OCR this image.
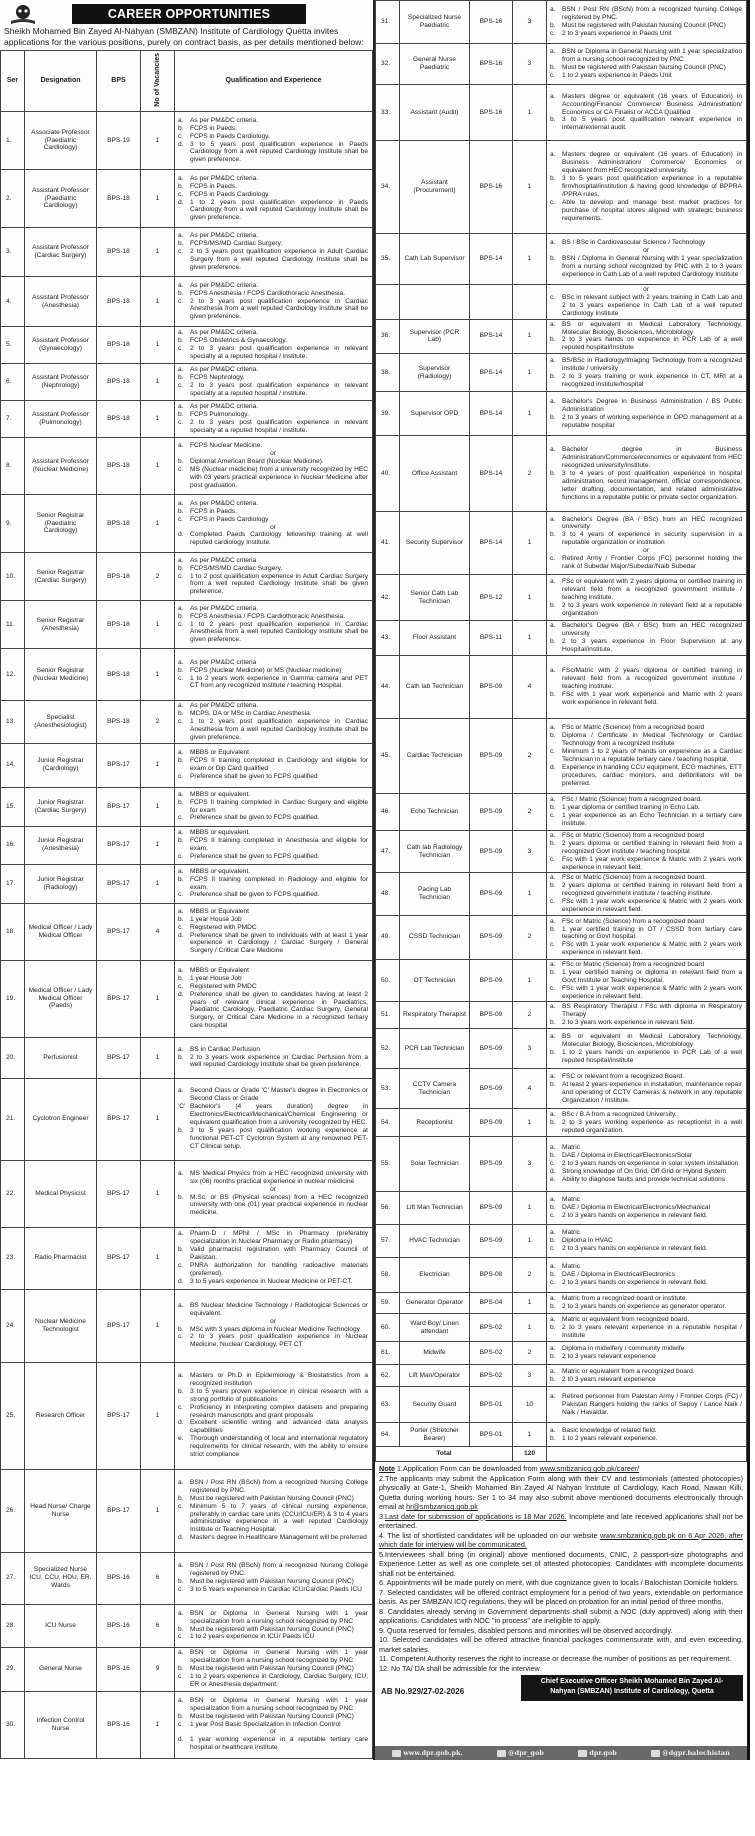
CAREER OPPORTUNITIES
Sheikh Mohamed Bin Zayed Al-Nahyan (SMBZAN) Institute of Cardiology Quetta invites applications for the various positions, purely on contract basis, as per details mentioned below:
Ser	Designation	BPS	No of Vacancies	Qualification and Experience
1.	Associate Professor (Paediatric Cardiology)	BPS-19	1	
a. As per PM&DC criteria.
b. FCPS in Paeds.
c.	FCPS in Paeds Cardiology.
d. 3 to 5 years post qualification experience in Paeds Cardiology from a well reputed Cardiology Institute shall be given preference.

2.	Assistant Professor (Paediatric Cardiology)	BPS-18	1	
a. As per PM&DC criteria.
b. FCPS in Paeds.
c.	FCPS in Paeds Cardiology.
d. 1 to 2 years post qualification experience in Paeds Cardiology from a well reputed Cardiology Institute shall be given preference.

3.	Assistant Professor (Cardiac Surgery)	BPS-18	1	
a. As per PM&DC criteria.
b. FCPS/MS/MD Cardiac Surgery.
c.	2 to 3 years post qualification experience in Adult Cardiac Surgery from a well reputed Cardiology Institute shall be given preference.

4.	Assistant Professor (Anesthesia)	BPS-18	1	
a. As per PM&DC criteria.
b. FCPS Anesthesia / FCPS Cardiothoracic Anesthesia.
c.	2 to 3 years post qualification experience in Cardiac Anesthesia from a well reputed Cardiology Institute shall be given preference.

5.	Assistant Professor (Gynaecology)	BPS-18	1	
a. As per PM&DC criteria.
b. FCPS Obstetrics & Gynaecology.
c.	2 to 3 years post qualification experience in relevant specialty at a reputed hospital / institute.

6.	Assistant Professor (Nephrology)	BPS-18	1	
a. As per PM&DC criteria.
b. FCPS Nephrology.
c.	2 to 3 years post qualification experience in relevant specialty at a reputed hospital / institute.

7.	Assistant Professor (Pulmonology)	BPS-18	1	
a. As per PM&DC criteria.
b. FCPS Pulmonology.
c.	2 to 3 years post qualification experience in relevant specialty at a reputed hospital / institute.

8.	Assistant Professor (Nuclear Medicine)	BPS-18	1	
a. FCPS Nuclear Medicine.
or
b. Diplomat American Board (Nuclear Medicine).
c.	MS (Nuclear medicine) from a university recognized by HEC with 03 years practical experience in Nuclear Medicine after post graduation.

9.	Senior Registrar (Paediatric Cardiology)	BPS-18	1	
a. As per PM&DC criteria.
b. FCPS in Paeds.
c.	FCPS in Paeds Cardiology
or
d. Completed Paeds Cardiology fellowship training at well reputed cardiology Institute.

10.	Senior Registrar (Cardiac Surgery)	BPS-18	2	
a. As per PM&DC criteria
b. FCPS/MS/MD Cardiac Surgery.
c.	1 to 2 post qualification experience in Adult Cardiac Surgery from a well reputed Cardiology Institute shall be given preference.

11.	Senior Registrar (Anesthesia)	BPS-18	1	
a. As per PM&DC criteria.
b. FCPS Anesthesia / FCPS Cardiothoracic Anesthesia.
c.	1 to 2 years post qualification experience in Cardiac Anesthesia from a well reputed Cardiology Institute shall be given preference.

12.	Senior Registrar (Nuclear Medicine)	BPS-18	1	
a. As per PM&DC criteria
b. FCPS (Nuclear Medicine) or MS (Nuclear medicine)
c.	1 to 2 years work experience in Gamma camera and PET CT from any recognized Institute / teaching Hospital.

13.	Specialist (Anesthesiologist)	BPS-18	2	
a. As per PM&DC criteria.
b. MCPS, DA or MSc in Cardiac Anesthesia.
c.	1 to 2 years post qualification experience in Cardiac Anesthesia from a well reputed Cardiology Institute shall be given preference.

14.	Junior Registrar (Cardiology)	BPS-17	1	
a. MBBS or Equivalent
b. FCPS II training completed in Cardiology and eligible for exam or Dip Card qualified
c.	Preference shall be given to FCPS qualified

15.	Junior Registrar (Cardiac Surgery)	BPS-17	1	
a. MBBS or equivalent.
b. FCPS II training completed in Cardiac Surgery and eligible for exam
c.	Preference shall be given to FCPS qualified.

16.	Junior Registrar (Anesthesia)	BPS-17	1	
a. MBBS or equivalent.
b. FCPS II training completed in Anesthesia and eligible for exam.
c.	Preference shall be given to FCPS qualified.

17.	Junior Registrar (Radiology)	BPS-17	1	
a. MBBS or equivalent.
b. FCPS II training completed in Radiology and eligible for exam.
c.	Preference shall be given to FCPS qualified.

18.	Medical Officer / Lady Medical Officer	BPS-17	4	
a. MBBS or Equivalent
b. 1 year House Job
c.	Registered with PMDC
d. Preference shall be given to individuals with at least 1 year experience in Cardiology / Cardiac Surgery / General Surgery / Critical Care Medicine

19.	Medical Officer / Lady Medical Officer (Paeds)	BPS-17	1	
a. MBBS or Equivalent
b. 1 year House Job
c.	Registered with PMDC
d. Preference shall be given to candidates having at least 2 years of relevant clinical experience in Paediatrics, Paediatric Cardiology, Paediatric Cardiac Surgery, General Surgery, or Critical Care Medicine in a recognized tertiary care hospital

20.	Perfusionist	BPS-17	1	a. BS in Cardiac Perfusion
b. 2 to 3 years work experience in Cardiac Perfusion from a well reputed Cardiology Institute shall be given preference.

21.	Cyclotron Engineer	BPS-17	1	
a. Second Class or Grade 'C' Master's degree in Electronics or Second Class or Grade
'C' Bachelor's (4 years duration) degree in Electronics/Electrical/Mechanical/Chemical Engineering or equivalent qualification from a university recognized by HEC.
b. 3 to 5 years post qualification working experience at functional PET-CT Cyclotron System at any renowned PET-CT Clinical setup.

22.	Medical Physicist	BPS-17	1	a. MS Medical Physics from a HEC recognized university with six (06) months practical experience in nuclear medicine
or
b. M.Sc. or BS (Physical sciences) from a HEC recognized university with one (01) year practical experience in nuclear medicine.

23.	Radio Pharmacist	BPS-17	1	
a. Pharm-D / MPhil / MSc in Pharmacy (preferably specialization in Nuclear Pharmacy or Radio pharmacy)
b. Valid pharmacist registration with Pharmacy Council of Pakistan.
c.	PNRA authorization for handling radioactive materials (preferred).
d. 3 to 5 years experience in Nuclear Medicine or PET-CT.

24.	Nuclear Medicine Technologist	BPS-17	1	
a. BS Nuclear Medicine Technology / Radiological Sciences or equivalent.
or
b. MSc with 3 years diploma in Nuclear Medicine Technology
c.	2 to 3 years post qualification experience in Nuclear Medicine, Nuclear Cardiology, PET CT

25.	Research Officer	BPS-17	1	
a. Masters or Ph.D in Epidemiology & Biostatistics from a recognized institution
b. 3 to 5 years proven experience in clinical research with a strong portfolio of publications
c.	Proficiency in interpreting complex datasets and preparing research manuscripts and grant proposals
d. Excellent scientific writing and advanced data analysis capabilities
e. Thorough understanding of local and international regulatory requirements for clinical research, with the ability to ensure strict compliance

26.	Head Nurse/ Charge Nurse	BPS-17	1	
a. BSN / Post RN (BScN) from a recognized Nursing College registered by PNC.
b. Must be registered with Pakistan Nursing Council (PNC)
c.	Minimum 5 to 7 years of clinical nursing experience, preferably in cardiac care units (CCU/ICU/ER) & 3 to 4 years administrative experience in a well reputed Cardiology Institute or Teaching Hospital.
d. Master's degree in Healthcare Management will be preferred

27.	Specialized Nurse ICU, CCU, HDU, ER, Wards	BPS-16	6	
a. BSN / Post RN (BScN) from a recognized Nursing College registered by PNC.
b. Must be registered with Pakistan Nursing Council (PNC)
c.	3 to 5 Years experience in Cardiac ICU/Cardiac Paeds ICU

28.	ICU Nurse	BPS-16	6	
a. BSN or Diploma in General Nursing with 1 year specialization from a nursing school recognized by PNC
b. Must be registered with Pakistan Nursing Council (PNC)
c.	1 to 2 years experience in ICU/ Paeds ICU

29.	General Nurse	BPS-16	9	
a. BSN or Diploma in General Nursing with 1 year specialization from a nursing school recognized by PNC
b. Must be registered with Pakistan Nursing Council (PNC)
c.	1 to 2 years experience in Cardiology, Cardiac Surgery, ICU, ER or Anesthesia department.

30.	Infection Control Nurse	BPS-16	1	
a. BSN or Diploma in General Nursing with 1 year specialization from a nursing school recognized by PNC
b. Must be registered with Pakistan Nursing Council (PNC)
c.	1 year Post Basic Specialization in Infection Control
or
d. 1 year working experience in a reputable tertiary care hospital or healthcare institute
31.	Specialized Nurse Paediatric	BPS-16	3	
a. BSN / Post RN (BScN) from a recognized Nursing College registered by PNC.
b. Must be registered with Pakistan Nursing Council (PNC)
c.	2 to 3 years experience in Paeds Unit

32.	General Nurse Paediatric	BPS-16	3	
a. BSN or Diploma in General Nursing with 1 year specialization from a nursing school recognized by PNC
b. Must be registered with Pakistan Nursing Council (PNC)
c.	1 to 2 years experience in Paeds Unit

33.	Assistant (Audit)	BPS-16	1	a. Masters degree or equivalent (16 years of Education) in Accounting/Finance/ Commerce/ Business Administration/ Economics or CA Finalist or ACCA Qualified
b. 3 to 5 years post qualification relevant experience in internal/external audit.

34.	Assistant (Procurement)	BPS-16	1	
a. Masters degree or equivalent (16 years of Education) in Business Administration/ Commerce/ Economics or equivalent from HEC recognized university.
b. 3 to 5 years post qualification experience in a reputable firm/hospital/institution & having good knowledge of BPPRA /PPRA rules.
c.	Able to develop and manage best market practices for purchase of hospital stores aligned with strategic business requirements.

35.	Cath Lab Supervisor	BPS-14	1	a. BS / BSc in Cardiovascular Science / Technology
or
b. BSN / Diploma in General Nursing with 1 year specialization from a nursing school recognized by PNC with 2 to 3 years experience in Cath Lab of a well reputed Cardiology Institute

				or
c. BSc in relevant subject with 2 years training in Cath Lab and 2 to 3 years experience in Cath Lab of a well reputed Cardiology Institute

36.	Supervisor (PCR Lab)	BPS-14	1	a. BS or equivalent in Medical Laboratory Technology, Molecular Biology, Biosciences, Microbiology
b. 2 to 3 years hands on experience in PCR Lab of a well reputed hospital/Institute

38.	Supervisor (Radiology)	BPS-14	1	a. BS/BSc in Radiology/Imaging Technology from a recognized institute / university
b. 2 to 3 years training or work experience in CT, MRI at a recognized institute/hospital

39.	Supervisor OPD	BPS-14	1	a. Bachelor's Degree in Business Administration / BS Public Administration
b. 2 to 3 years of working experience in OPD management at a reputable hospital

40.	Office Assistant	BPS-14	2	a. Bachelor degree in Business Administration/Commerce/economics or equivalent from HEC recognized university/institute.
b. 3 to 4 years of post qualification experience in hospital administration, record management, official correspondence, letter drafting, documentation, and related administrative functions in a reputable public or private sector organization.

41.	Security Supervisor	BPS-14	1	
a. Bachelor's Degree (BA / BSc) from an HEC recognized university
b. 3 to 4 years of experience in security supervision in a reputable organization or institution
or
c.	Retired Army / Frontier Corps (FC) personnel holding the rank of Subedar Major/Subedar/Naib Subedar

42.	Senior Cath Lab Technician	BPS-12	1	a. FSc or equivalent with 2 years diploma or certified training in relevant field from a recognized government institute / teaching institute.
b. 2 to 3 years work experience in relevant field at a reputable organization

43.	Floor Assistant	BPS-11	1	a. Bachelor's Degree (BA / BSc) from an HEC recognized university
b. 2 to 3 years experience in Floor Supervision at any Hospital/institute.

44.	Cath lab Technician	BPS-09	4	a. FSc/Matric with 2 years diploma or certified training in relevant field from a recognized government institute / teaching institute.
b. FSc with 1 year work experience and Matric with 2 years work experience in relevant field.

45.	Cardiac Technician	BPS-09	2	
a. FSc or Matric (Science) from a recognized board
b. Diploma / Certificate in Medical Technology or Cardiac Technology from a recognized institute
c.	Minimum 1 to 2 years of hands on experience as a Cardiac Technician in a reputable tertiary care / teaching hospital.
d. Experience in handling CCU equipment, ECG machines, ETT procedures, cardiac monitors, and defibrillators will be preferred.

46.	Echo Technician	BPS-09	2	
a. FSc / Matric (Science) from a recognized board.
b. 1 year diploma or certified training in Echo Lab.
c.	1 year experience as an Echo Technician in a tertiary care institute.

47.	Cath lab Radiology Technician	BPS-09	3	
a. FSc or Matric (Science) from a recognized board
b. 2 years diploma or certified training in relevant field from a recognized Govt institute / teaching hospital
c.	Fsc with 1 year work experience & Matric with 2 years work experience in relevant field.

48.	Pacing Lab Technician	BPS-09	1	
a. FSc or Matric (Science) from a recognized board.
b. 2 years diploma or certified training in relevant field from a recognized government institute / teaching institute.
c.	FSc with 1 year work experience & Matric with 2 years work experience in relevant field.

49.	CSSD Technician	BPS-09	2	
a. FSc or Matric (Science) from a recognized board
b. 1 year certified training in OT / CSSD from tertiary care teaching or Govt hospital.
c.	FSc with 1 year work experience & Matric with 2 years work experience in relevant field.

50.	OT Technician	BPS-09	1	
a. FSc or Matric (Science) from a recognized board
b. 1 year certified training or diploma in relevant field from a Govt Institute or Teaching Hospital.
c.	FSc with 1 year work experience & Matric with 2 years work experience in relevant field.

51.	Respiratory Therapist	BPS-09	2	a. BS Respiratory Therapist / FSc with diploma in Respiratory Therapy
b. 2 to 3 years work experience in relevant field.

52.	PCR Lab Technician	BPS-09	3	a. BS or equivalent in Medical Laboratory Technology, Molecular Biology, Biosciences, Microbiology
b. 1 to 2 years hands on experience in PCR Lab of a well reputed hospital/institute

53.	CCTV Camera Technician	BPS-09	4	a. FSC or relevant from a recognized Board.
b. At least 2 years experience in installation, maintenance repair and operating of CCTV Cameras & network in any reputable Organization / Institute.

54.	Receptionist	BPS-09	1	a. BSc / B.A from a recognized University.
b. 2 to 3 years working experience as receptionist in a well reputed organization.

55.	Solar Technician	BPS-09	3	
a. Matric
b. DAE / Diploma in Electrical/Electronics/Solar
c.	2 to 3 years hands on experience in solar system installation
d. Strong knowledge of On Grid, Off Grid or Hybrid System
e. Ability to diagnose faults and provide technical solutions

56.	Lift Man Technician	BPS-09	1	
a. Matric
b. DAE / Diploma in Electrical/Electronics/Mechanical
c.	2 to 3 years hands on experience in relevant field.

57.	HVAC Technician	BPS-09	1	
a. Matric
b. Diploma in HVAC
c.	2 to 3 years hands on experience in relevant field.

58.	Electrician	BPS-08	2	
a. Matric
b. DAE / Diploma in Electrical/Electronics
c.	2 to 3 years hands on experience in relevant field.

59.	Generator Operator	BPS-04	1	a. Matric from a recognized board or institute.
b. 2 to 3 years hands on experience as generator operator.

60.	Ward Boy/ Linen attendant	BPS-02	1	a. Matric or equivalent from recognized board.
b. 2 to 3 years relevant experience in a reputable hospital / Institute

61.	Midwife	BPS-02	2	a. Diploma in midwifery / community midwife
b. 2 to 3 years relevant experience

62.	Lift Man/Operator	BPS-02	3	a. Matric or equivalent from a recognized board.
b. 2 t0 3 years relevant experience

63.	Security Guard	BPS-01	10	a. Retired personnel from Pakistan Army / Frontier Corps (FC) / Pakistan Rangers holding the ranks of Sepoy / Lance Naik / Naik / Havaldar.

64.	Porter (Stretcher Bearer)	BPS-01	1	a. Basic knowledge of related field.
b. 1 to 2 years relevant experience.

Total			120	

Note 1.Application Form can be downloaded from www.smbzanicq.gob.pk/career/

2.The applicants may submit the Application Form along with their CV and testimonials (attested photocopies) physically at Gate-1, Sheikh Mohamed Bin Zayed Al Nahyan Institute of Cardiology, Kach Road, Nawan Killi, Quetta during working hours. Ser 1 to 34 may also submit above mentioned documents electronically through email at hr@smbzanicq.gob.pk

3.Last date for submission of applications is 18 Mar 2026. Incomplete and late received applications shall not be entertained.

4. The list of shortlisted candidates will be uploaded on our website www.smbzanicq.gob.pk on 6 Apr 2026, after which date for interview will be communicated.

5.Interviewees shall bring (in original) above mentioned documents, CNIC, 2 passport-size photographs and Experience Letter as well as one complete set of attested photocopies. Candidates with incomplete documents shall not be entertained.

6. Appointments will be made purely on merit, with due cognizance given to locals / Balochistan Domicile holders.

7. Selected candidates will be offered contract employment for a period of two years, extendable on performance basis. As per SMBZAN ICQ regulations, they will be placed on probation for an initial period of three months.

8. Candidates already serving in Government departments shall submit a NOC (duly approved) along with their applications. Candidates with NOC "in process" are ineligible to apply.

9. Quota reserved for females, disabled persons and minorities will be observed accordingly.

10. Selected candidates will be offered attractive financial packages commensurate with, and even exceeding, market salaries.

11. Competent Authority reserves the right to increase or decrease the number of positions as per requirement.

12. No TA/ DA shall be admissible for the interview.

AB No.929/27-02-2026
Chief Executive Officer Sheikh Mohamed Bin Zayed Al-
Nahyan (SMBZAN) Institute of Cardiology, Quetta
www.dpr.gob.pk.	@dpr_gob	dpr.gob	@dgpr.balochistan
